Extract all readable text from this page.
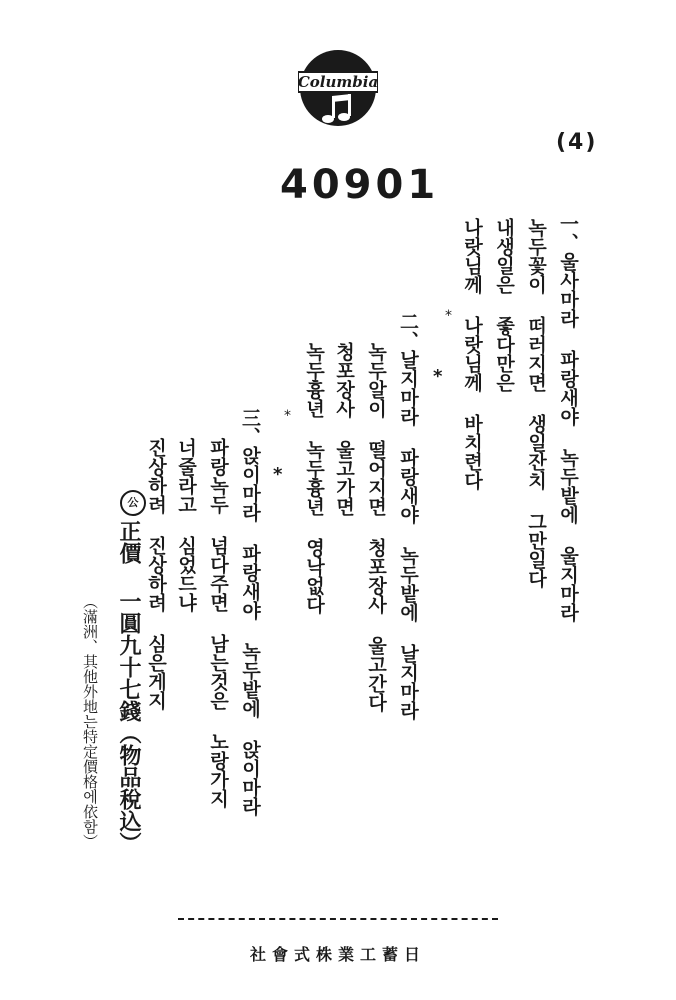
Columbia
(4)
40901
一、
울사마라 파랑새야 녹두밭에 울지마라
녹두꽃이 떠러지면 생일잔치 그만일다
내생일은 좋다만은
나랏님께 나랏님께 바치련다
*
*
二、
날지마라 파랑새야 녹두밭에 날지마라
녹두알이 떨어지면 청포장사 울고간다
청포장사 울고가면
녹두흉년 녹두흉년 영낙없다
*
*
三、
앉이마라 파랑새야 녹두밭에 앉이마라
파랑녹두 넘다주면 남는것은 노랑가지
너줄라고 심었드냐
진상하려 진상하려 심은게지
公
正價 一圓九十七錢（物品稅込）
（滿洲、其他外地는特定價格에依함）
社會式株業工蓄日
